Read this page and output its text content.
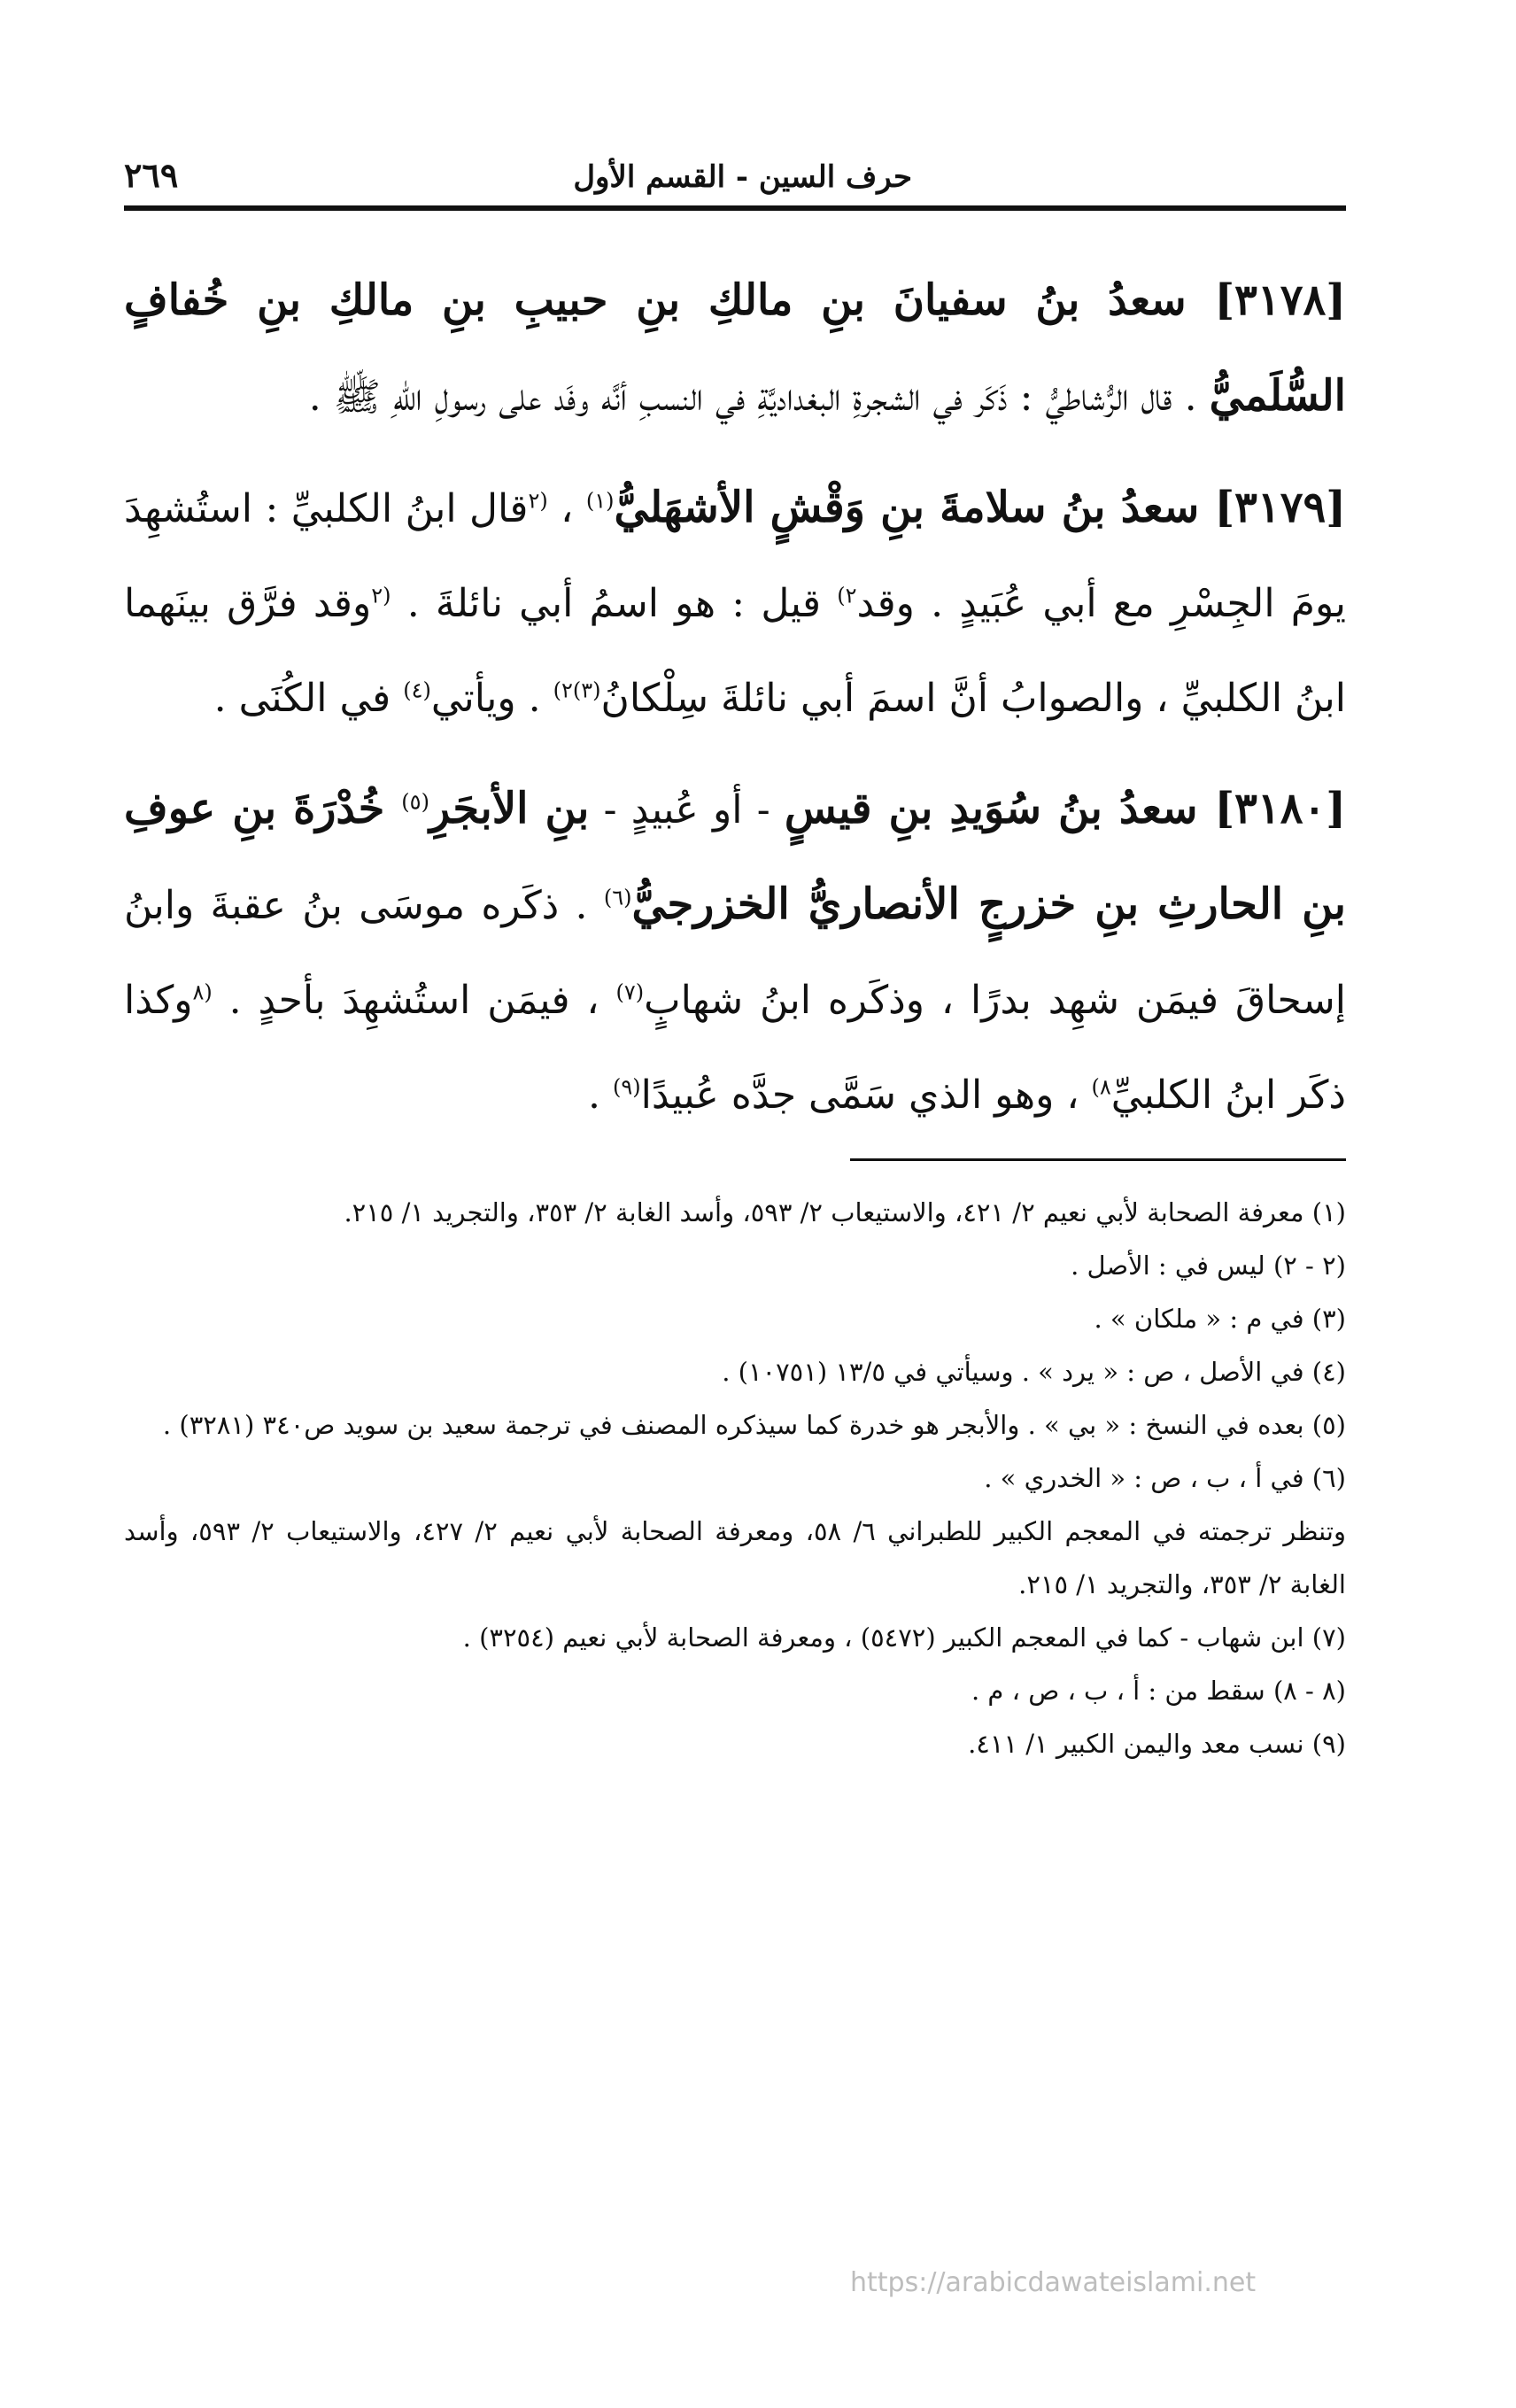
حرف السين - القسم الأول
٢٦٩

[٣١٧٨] سعدُ بنُ سفيانَ بنِ مالكِ بنِ حبيبِ بنِ مالكِ بنِ خُفافٍ السُّلَميُّ . قال الرُّشاطيُّ : ذَكَر في الشجرةِ البغداديَّةِ في النسبِ أنَّه وفَد على رسولِ اللهِ ﷺ .

[٣١٧٩] سعدُ بنُ سلامةَ بنِ وَقْشٍ الأشهَليُّ$^{(١)}$ ، $^{(٢}$قال ابنُ الكلبيِّ : استُشهِدَ يومَ الجِسْرِ مع أبي عُبَيدٍ . وقد$^{٢)}$ قيل : هو اسمُ أبي نائلةَ . $^{(٢}$وقد فرَّق بينَهما ابنُ الكلبيِّ ، والصوابُ أنَّ اسمَ أبي نائلةَ سِلْكانُ$^{(٣)٢)}$ . ويأتي$^{(٤)}$ في الكُنَى .

[٣١٨٠] سعدُ بنُ سُوَيدِ بنِ قيسٍ - أو عُبيدٍ - بنِ الأبجَرِ$^{(٥)}$ خُدْرَةَ بنِ عوفِ بنِ الحارثِ بنِ خزرجٍ الأنصاريُّ الخزرجيُّ$^{(٦)}$ . ذكَره موسَى بنُ عقبةَ وابنُ إسحاقَ فيمَن شهِد بدرًا ، وذكَره ابنُ شهابٍ$^{(٧)}$ ، فيمَن استُشهِدَ بأحدٍ . $^{(٨}$وكذا ذكَر ابنُ الكلبيِّ$^{٨)}$ ، وهو الذي سَمَّى جدَّه عُبيدًا$^{(٩)}$ .

(١) معرفة الصحابة لأبي نعيم ٢/ ٤٢١، والاستيعاب ٢/ ٥٩٣، وأسد الغابة ٢/ ٣٥٣، والتجريد ١/ ٢١٥.

(٢ - ٢) ليس في : الأصل .

(٣) في م : « ملكان » .

(٤) في الأصل ، ص : « يرد » . وسيأتي في ١٣/٥ (١٠٧٥١) .

(٥) بعده في النسخ : « بي » . والأبجر هو خدرة كما سيذكره المصنف في ترجمة سعيد بن سويد ص٣٤٠ (٣٢٨١) .

(٦) في أ ، ب ، ص : « الخدري » .

وتنظر ترجمته في المعجم الكبير للطبراني ٦/ ٥٨، ومعرفة الصحابة لأبي نعيم ٢/ ٤٢٧، والاستيعاب ٢/ ٥٩٣، وأسد الغابة ٢/ ٣٥٣، والتجريد ١/ ٢١٥.

(٧) ابن شهاب - كما في المعجم الكبير (٥٤٧٢) ، ومعرفة الصحابة لأبي نعيم (٣٢٥٤) .

(٨ - ٨) سقط من : أ ، ب ، ص ، م .

(٩) نسب معد واليمن الكبير ١/ ٤١١.

https://arabicdawateislami.net
